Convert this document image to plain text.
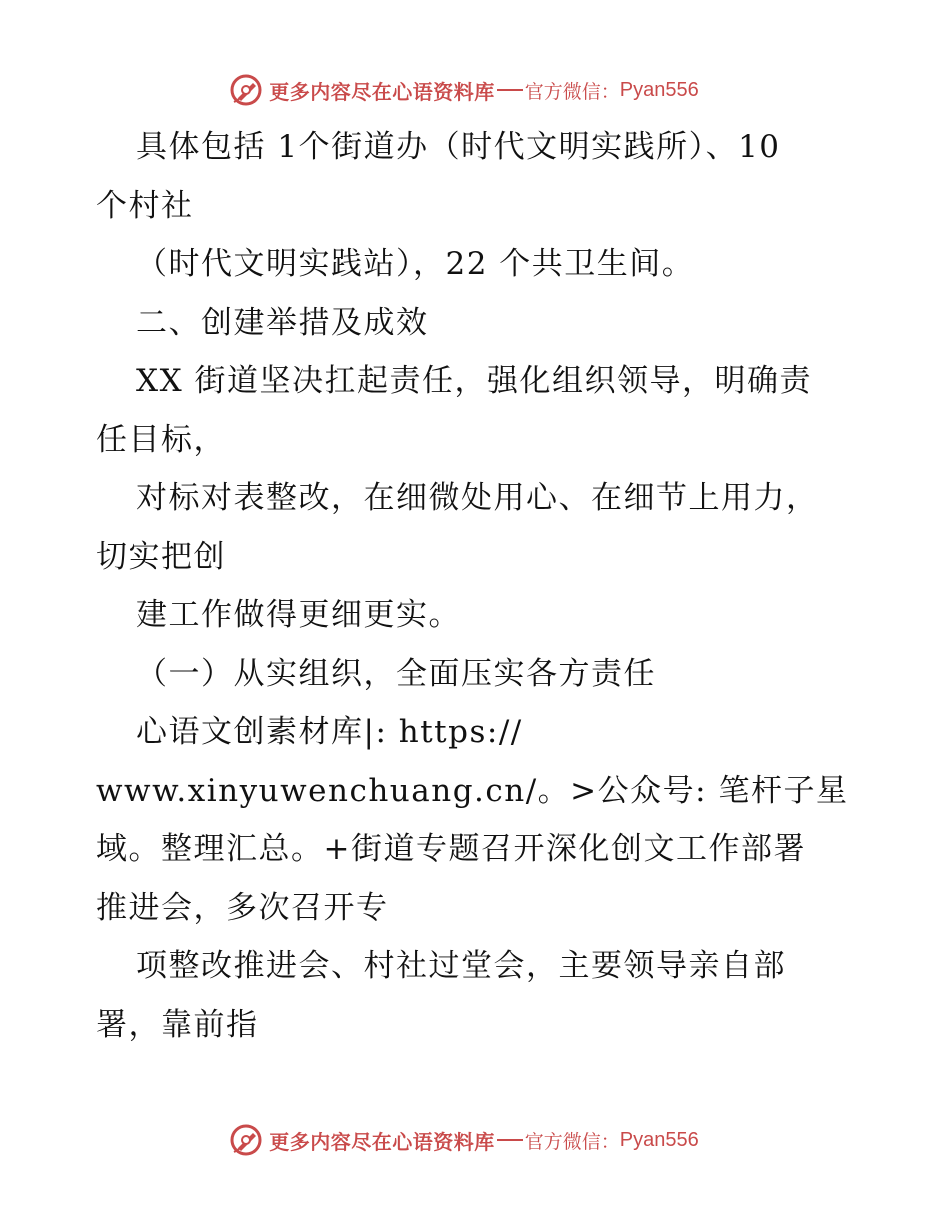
更多内容尽在心语资料库 官方微信： Pyan556
具体包括 1个街道办（时代文明实践所）、10
个村社
（时代文明实践站），22 个共卫生间。
二、创建举措及成效
XX 街道坚决扛起责任，强化组织领导，明确责
任目标，
对标对表整改，在细微处用心、在细节上用力，
切实把创
建工作做得更细更实。
（一）从实组织，全面压实各方责任
心语文创素材库|: https://
www.xinyuwenchuang.cn/。>公众号: 笔杆子星
域。整理汇总。+街道专题召开深化创文工作部署
推进会，多次召开专
项整改推进会、村社过堂会，主要领导亲自部
署，靠前指
更多内容尽在心语资料库 官方微信： Pyan556
